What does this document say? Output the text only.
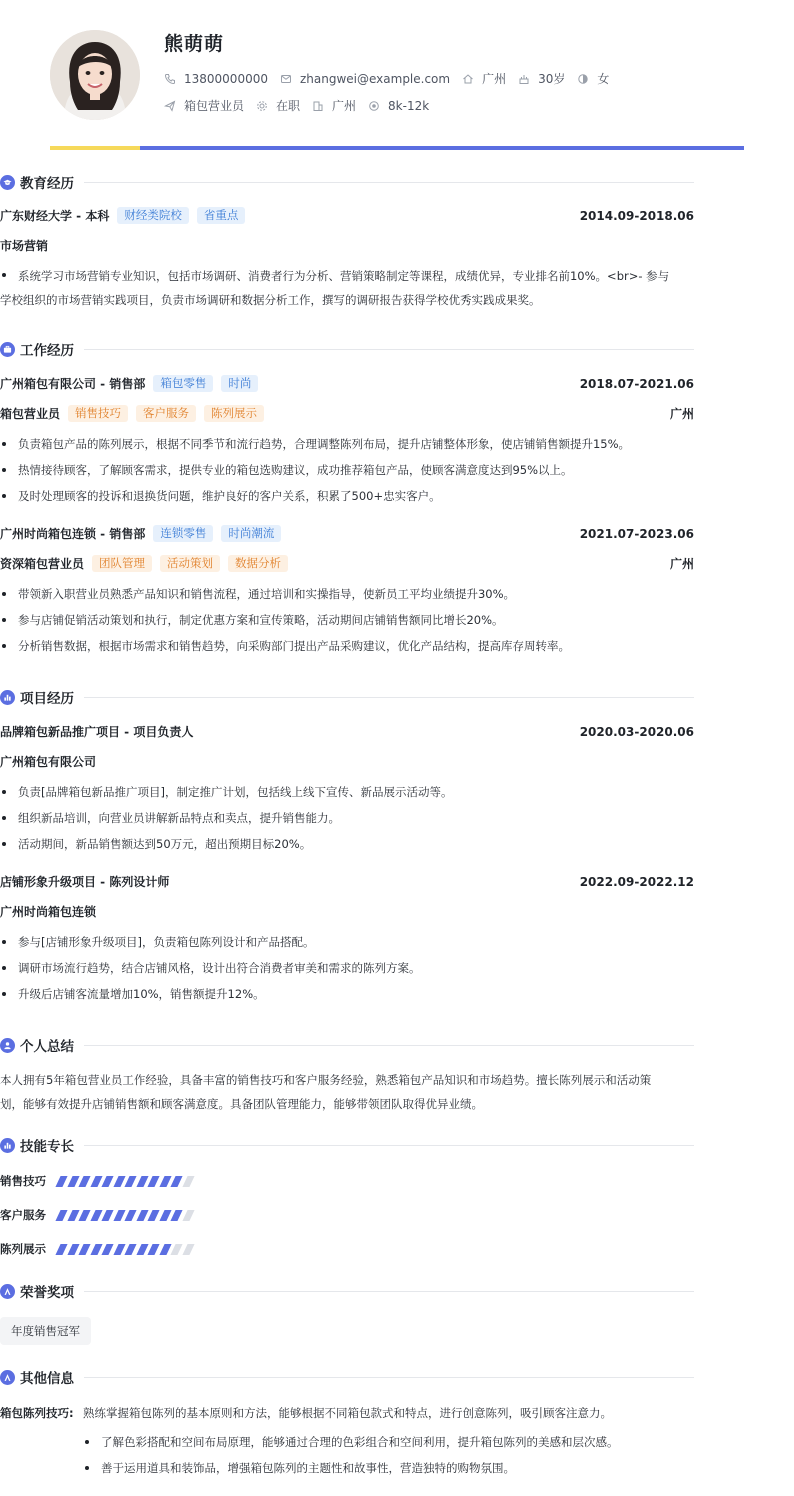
熊萌萌
13800000000	zhangwei@example.com	广州	30岁	女
箱包营业员	在职	广州	8k-12k
教育经历
广东财经大学 - 本科	财经类院校	省重点	2014.09-2018.06
市场营销
系统学习市场营销专业知识，包括市场调研、消费者行为分析、营销策略制定等课程，成绩优异，专业排名前10%。<br>- 参与
学校组织的市场营销实践项目，负责市场调研和数据分析工作，撰写的调研报告获得学校优秀实践成果奖。
工作经历
广州箱包有限公司 - 销售部	箱包零售	时尚	2018.07-2021.06
箱包营业员	销售技巧	客户服务	陈列展示	广州
负责箱包产品的陈列展示，根据不同季节和流行趋势，合理调整陈列布局，提升店铺整体形象，使店铺销售额提升15%。
热情接待顾客，了解顾客需求，提供专业的箱包选购建议，成功推荐箱包产品，使顾客满意度达到95%以上。
及时处理顾客的投诉和退换货问题，维护良好的客户关系，积累了500+忠实客户。
广州时尚箱包连锁 - 销售部	连锁零售	时尚潮流	2021.07-2023.06
资深箱包营业员	团队管理	活动策划	数据分析	广州
带领新入职营业员熟悉产品知识和销售流程，通过培训和实操指导，使新员工平均业绩提升30%。
参与店铺促销活动策划和执行，制定优惠方案和宣传策略，活动期间店铺销售额同比增长20%。
分析销售数据，根据市场需求和销售趋势，向采购部门提出产品采购建议，优化产品结构，提高库存周转率。
项目经历
品牌箱包新品推广项目 - 项目负责人	2020.03-2020.06
广州箱包有限公司
负责[品牌箱包新品推广项目]，制定推广计划，包括线上线下宣传、新品展示活动等。
组织新品培训，向营业员讲解新品特点和卖点，提升销售能力。
活动期间，新品销售额达到50万元，超出预期目标20%。
店铺形象升级项目 - 陈列设计师	2022.09-2022.12
广州时尚箱包连锁
参与[店铺形象升级项目]，负责箱包陈列设计和产品搭配。
调研市场流行趋势，结合店铺风格，设计出符合消费者审美和需求的陈列方案。
升级后店铺客流量增加10%，销售额提升12%。
个人总结
本人拥有5年箱包营业员工作经验，具备丰富的销售技巧和客户服务经验，熟悉箱包产品知识和市场趋势。擅长陈列展示和活动策
划，能够有效提升店铺销售额和顾客满意度。具备团队管理能力，能够带领团队取得优异业绩。
技能专长
销售技巧
客户服务
陈列展示
荣誉奖项
年度销售冠军
其他信息
箱包陈列技巧: 熟练掌握箱包陈列的基本原则和方法，能够根据不同箱包款式和特点，进行创意陈列，吸引顾客注意力。
了解色彩搭配和空间布局原理，能够通过合理的色彩组合和空间利用，提升箱包陈列的美感和层次感。
善于运用道具和装饰品，增强箱包陈列的主题性和故事性，营造独特的购物氛围。
